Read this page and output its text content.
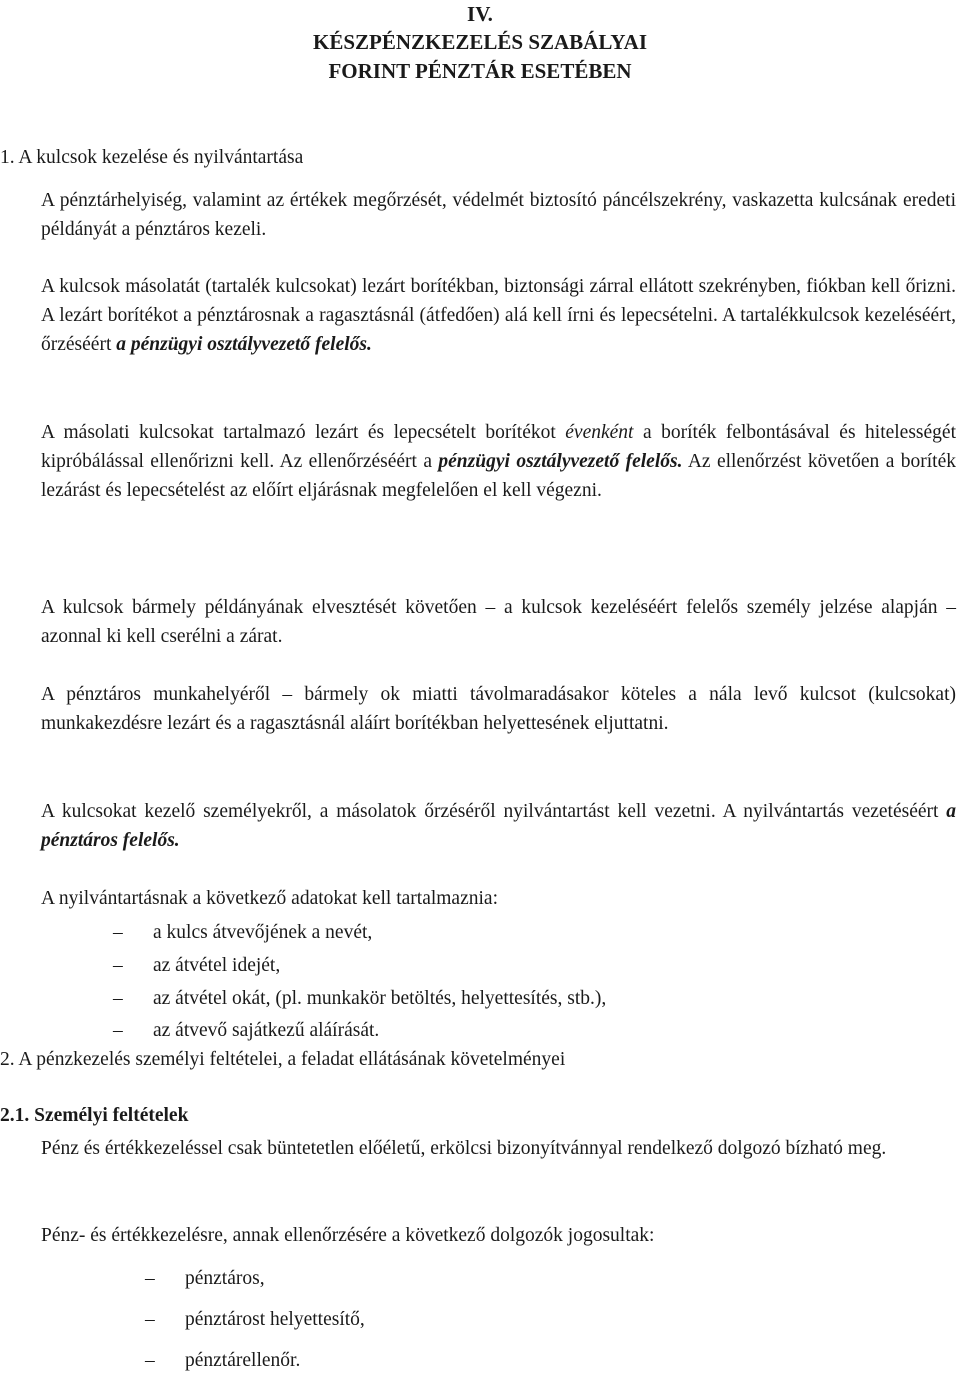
IV.
KÉSZPÉNZKEZELÉS SZABÁLYAI
FORINT PÉNZTÁR ESETÉBEN
1. A kulcsok kezelése és nyilvántartása
A pénztárhelyiség, valamint az értékek megőrzését, védelmét biztosító páncélszekrény, vaskazetta kulcsának eredeti példányát a pénztáros kezeli.
A kulcsok másolatát (tartalék kulcsokat) lezárt borítékban, biztonsági zárral ellátott szekrényben, fiókban kell őrizni. A lezárt borítékot a pénztárosnak a ragasztásnál (átfedően) alá kell írni és lepecsételni. A tartalékkulcsok kezeléséért, őrzéséért a pénzügyi osztályvezető felelős.
A másolati kulcsokat tartalmazó lezárt és lepecsételt borítékot évenként a boríték felbontásával és hitelességét kipróbálással ellenőrizni kell. Az ellenőrzéséért a pénzügyi osztályvezető felelős. Az ellenőrzést követően a boríték lezárást és lepecsételést az előírt eljárásnak megfelelően el kell végezni.
A kulcsok bármely példányának elvesztését követően – a kulcsok kezeléséért felelős személy jelzése alapján – azonnal ki kell cserélni a zárat.
A pénztáros munkahelyéről – bármely ok miatti távolmaradásakor köteles a nála levő kulcsot (kulcsokat) munkakezdésre lezárt és a ragasztásnál aláírt borítékban helyettesének eljuttatni.
A kulcsokat kezelő személyekről, a másolatok őrzéséről nyilvántartást kell vezetni. A nyilvántartás vezetéséért a pénztáros felelős.
A nyilvántartásnak a következő adatokat kell tartalmaznia:
– a kulcs átvevőjének a nevét,
– az átvétel idejét,
– az átvétel okát, (pl. munkakör betöltés, helyettesítés, stb.),
– az átvevő sajátkezű aláírását.
2. A pénzkezelés személyi feltételei, a feladat ellátásának követelményei
2.1. Személyi feltételek
Pénz és értékkezeléssel csak büntetetlen előéletű, erkölcsi bizonyítvánnyal rendelkező dolgozó bízható meg.
Pénz- és értékkezelésre, annak ellenőrzésére a következő dolgozók jogosultak:
– pénztáros,
– pénztárost helyettesítő,
– pénztárellenőr.
